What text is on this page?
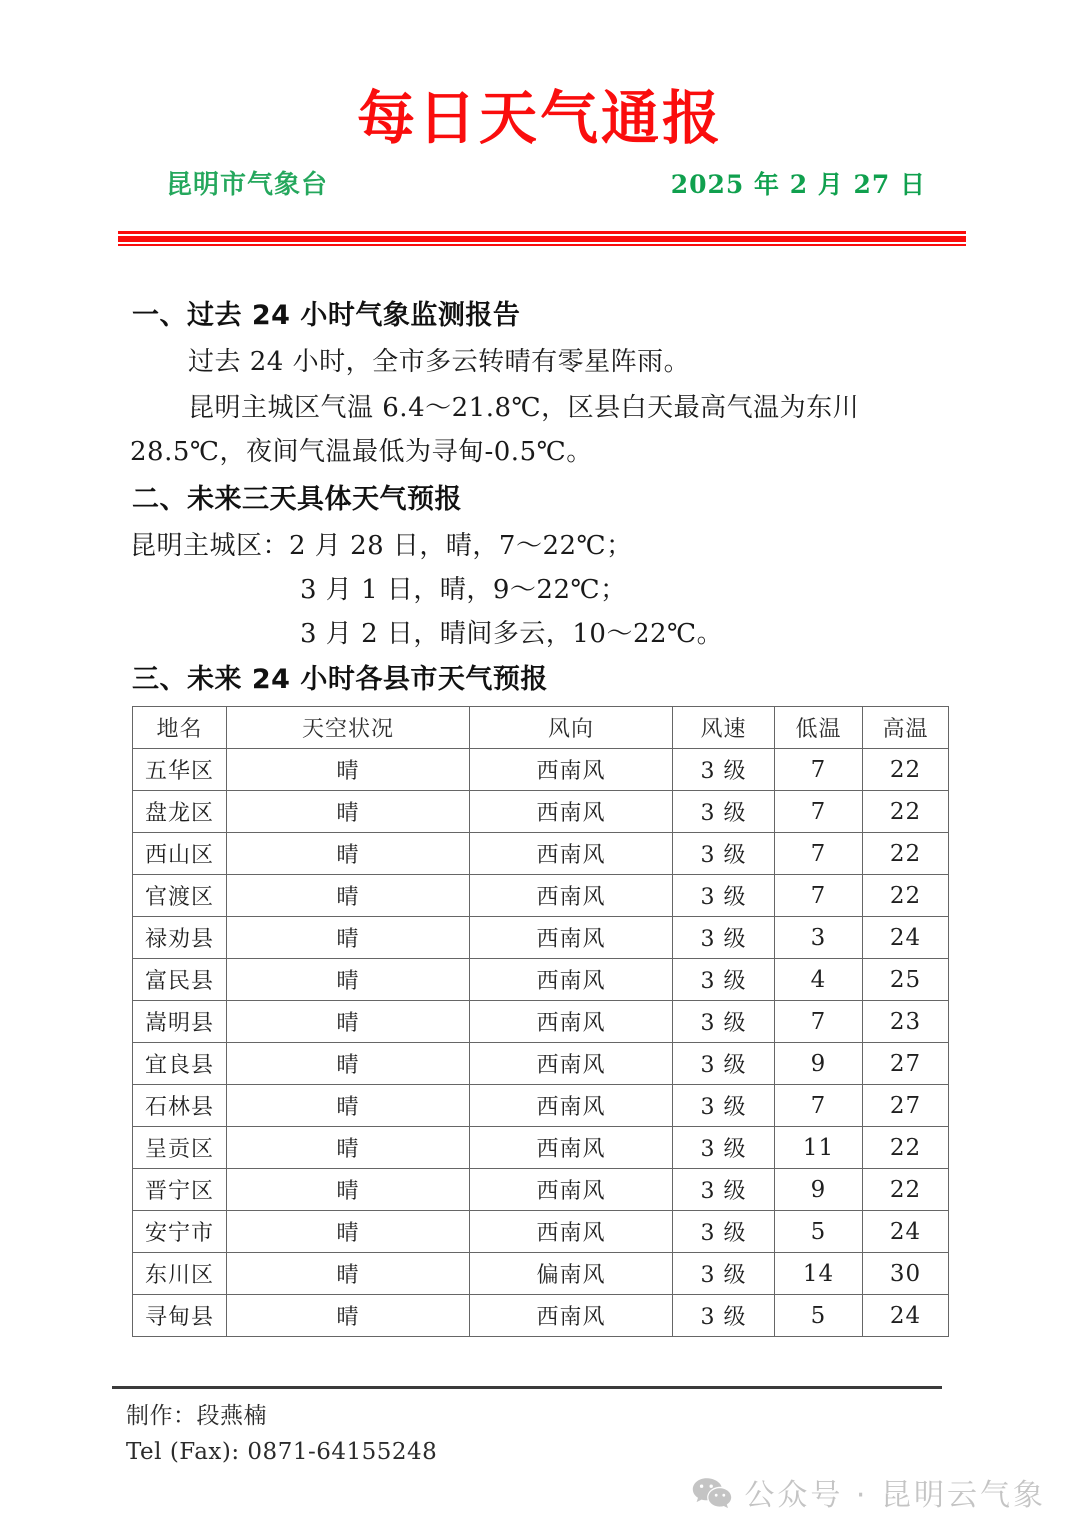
每日天气通报
昆明市气象台	2025 年 2 月 27 日
一、过去 24 小时气象监测报告
过去 24 小时，全市多云转晴有零星阵雨。
昆明主城区气温 6.4～21.8℃，区县白天最高气温为东川
28.5℃，夜间气温最低为寻甸-0.5℃。
二、未来三天具体天气预报
昆明主城区：2 月 28 日，晴，7～22℃；
3 月 1 日，晴，9～22℃；
3 月 2 日，晴间多云，10～22℃。
三、未来 24 小时各县市天气预报
地名	天空状况	风向	风速	低温	高温
五华区	晴	西南风	3 级	7	22
盘龙区	晴	西南风	3 级	7	22
西山区	晴	西南风	3 级	7	22
官渡区	晴	西南风	3 级	7	22
禄劝县	晴	西南风	3 级	3	24
富民县	晴	西南风	3 级	4	25
嵩明县	晴	西南风	3 级	7	23
宜良县	晴	西南风	3 级	9	27
石林县	晴	西南风	3 级	7	27
呈贡区	晴	西南风	3 级	11	22
晋宁区	晴	西南风	3 级	9	22
安宁市	晴	西南风	3 级	5	24
东川区	晴	偏南风	3 级	14	30
寻甸县	晴	西南风	3 级	5	24
制作：段燕楠
Tel (Fax): 0871-64155248
公众号 · 昆明云气象
